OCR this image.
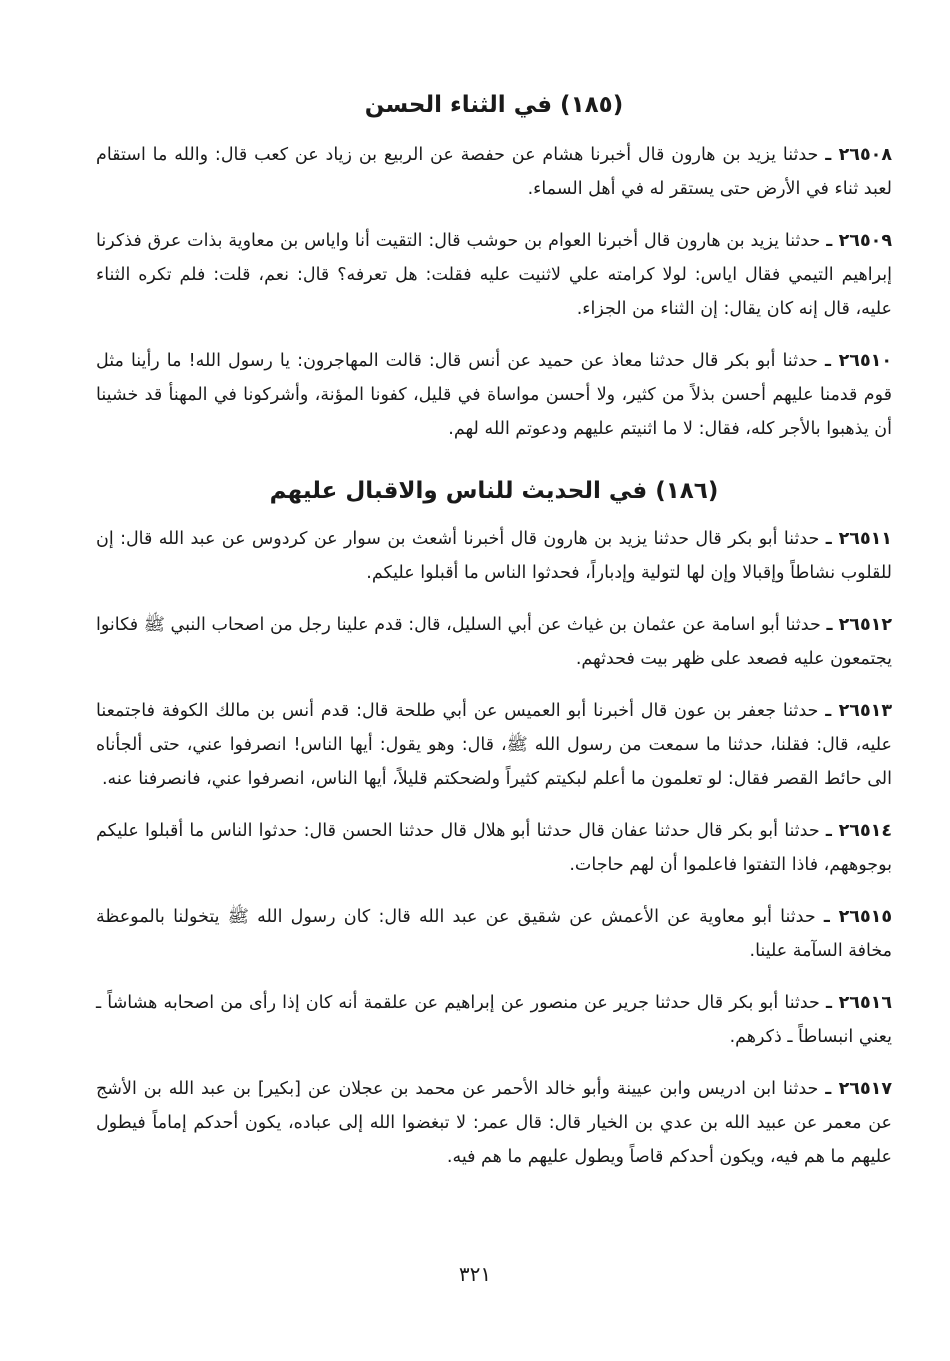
(١٨٥) في الثناء الحسن

٢٦٥٠٨ ـ حدثنا يزيد بن هارون قال أخبرنا هشام عن حفصة عن الربيع بن زياد عن كعب قال: والله ما استقام لعبد ثناء في الأرض حتى يستقر له في أهل السماء.

٢٦٥٠٩ ـ حدثنا يزيد بن هارون قال أخبرنا العوام بن حوشب قال: التقيت أنا واياس بن معاوية بذات عرق فذكرنا إبراهيم التيمي فقال اياس: لولا كرامته علي لاثنيت عليه فقلت: هل تعرفه؟ قال: نعم، قلت: فلم تكره الثناء عليه، قال إنه كان يقال: إن الثناء من الجزاء.

٢٦٥١٠ ـ حدثنا أبو بكر قال حدثنا معاذ عن حميد عن أنس قال: قالت المهاجرون: يا رسول الله! ما رأينا مثل قوم قدمنا عليهم أحسن بذلاً من كثير، ولا أحسن مواساة في قليل، كفونا المؤنة، وأشركونا في المهنأ قد خشينا أن يذهبوا بالأجر كله، فقال: لا ما اثنيتم عليهم ودعوتم الله لهم.

(١٨٦) في الحديث للناس والاقبال عليهم

٢٦٥١١ ـ حدثنا أبو بكر قال حدثنا يزيد بن هارون قال أخبرنا أشعث بن سوار عن كردوس عن عبد الله قال: إن للقلوب نشاطاً وإقبالا وإن لها لتولية وإدباراً، فحدثوا الناس ما أقبلوا عليكم.

٢٦٥١٢ ـ حدثنا أبو اسامة عن عثمان بن غياث عن أبي السليل، قال: قدم علينا رجل من اصحاب النبي ﷺ فكانوا يجتمعون عليه فصعد على ظهر بيت فحدثهم.

٢٦٥١٣ ـ حدثنا جعفر بن عون قال أخبرنا أبو العميس عن أبي طلحة قال: قدم أنس بن مالك الكوفة فاجتمعنا عليه، قال: فقلنا، حدثنا ما سمعت من رسول الله ﷺ، قال: وهو يقول: أيها الناس! انصرفوا عني، حتى ألجأناه الى حائط القصر فقال: لو تعلمون ما أعلم لبكيتم كثيراً ولضحكتم قليلاً، أيها الناس، انصرفوا عني، فانصرفنا عنه.

٢٦٥١٤ ـ حدثنا أبو بكر قال حدثنا عفان قال حدثنا أبو هلال قال حدثنا الحسن قال: حدثوا الناس ما أقبلوا عليكم بوجوههم، فاذا التفتوا فاعلموا أن لهم حاجات.

٢٦٥١٥ ـ حدثنا أبو معاوية عن الأعمش عن شقيق عن عبد الله قال: كان رسول الله ﷺ يتخولنا بالموعظة مخافة السآمة علينا.

٢٦٥١٦ ـ حدثنا أبو بكر قال حدثنا جرير عن منصور عن إبراهيم عن علقمة أنه كان إذا رأى من اصحابه هشاشاً ـ يعني انبساطاً ـ ذكرهم.

٢٦٥١٧ ـ حدثنا ابن ادريس وابن عيينة وأبو خالد الأحمر عن محمد بن عجلان عن [بكير] بن عبد الله بن الأشج عن معمر عن عبيد الله بن عدي بن الخيار قال: قال عمر: لا تبغضوا الله إلى عباده، يكون أحدكم إماماً فيطول عليهم ما هم فيه، ويكون أحدكم قاصاً ويطول عليهم ما هم فيه.

٣٢١
